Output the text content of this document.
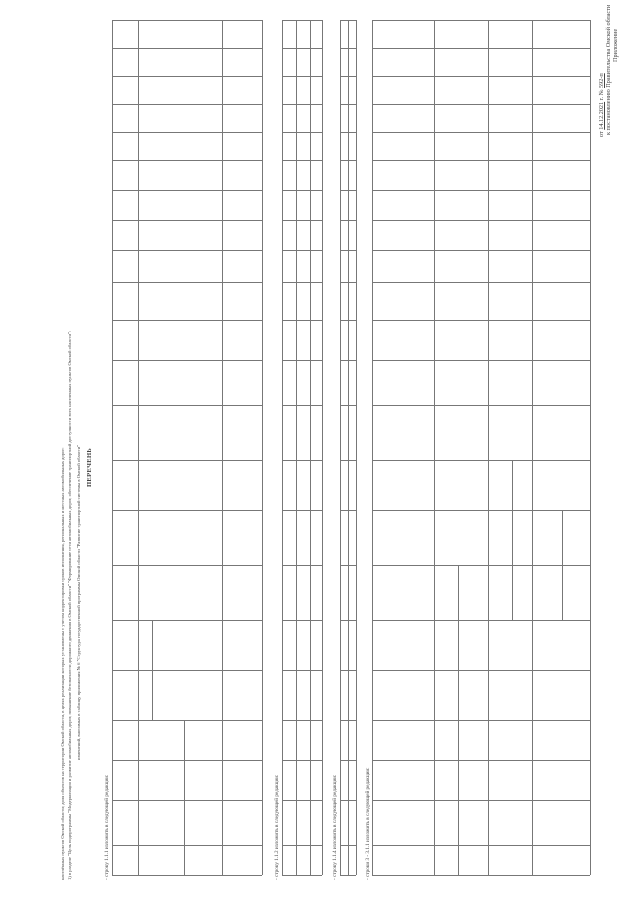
Приложение
к постановлению Правительства Омской области
от 14.12.2021 г. № 592-п
ПЕРЕЧЕНЬ
изменений, вносимых в таблицу приложения № 6 "Структура государственной программы Омской области "Развитие транспортной системы в Омской области"
1) в разделе "Цель подпрограммы "Модернизация и развитие автомобильных дорог, повышение безопасности дорожного движения в Омской области" "Формирование сети автомобильных дорог, обеспечение транспортной доступности всех населенных пунктов Омской области":
населённых пунктов Омской области; доля объектов на территории Омской области, в целях реализации которых установлены с учетом корректировки сроков исполнения, региональных и местных автомобильных дорог:	- строку 1.1.1 изложить в следующей редакции:	- строку 1.1.2 изложить в следующей редакции:	- строку 1.1.4 изложить в следующей редакции:	- строки 3 - 3.1.1 изложить в следующей редакции:
